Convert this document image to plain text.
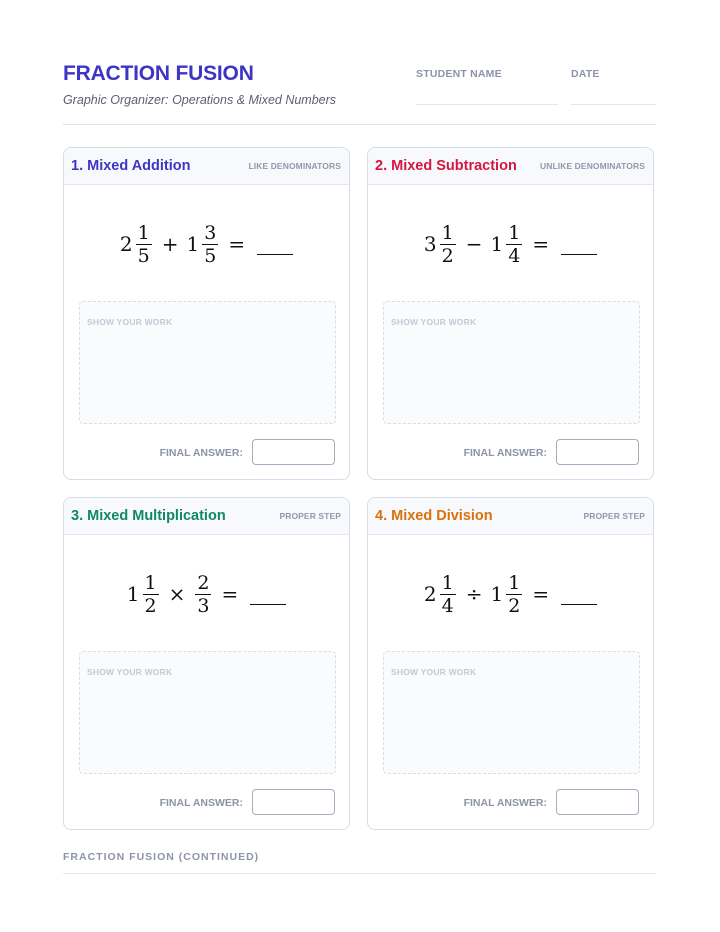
FRACTION FUSION
Graphic Organizer: Operations & Mixed Numbers
STUDENT NAME	DATE
1. Mixed Addition	LIKE DENOMINATORS
$2 \frac{1}{5} + 1 \frac{3}{5}$ =
SHOW YOUR WORK
FINAL ANSWER:
2. Mixed Subtraction	UNLIKE DENOMINATORS
$3 \frac{1}{2} - 1 \frac{1}{4}$ =
SHOW YOUR WORK
FINAL ANSWER:
3. Mixed Multiplication	PROPER STEP
$1 \frac{1}{2} \times \frac{2}{3}$ =
SHOW YOUR WORK
FINAL ANSWER:
4. Mixed Division	PROPER STEP
$2 \frac{1}{4} \div 1 \frac{1}{2}$ =
SHOW YOUR WORK
FINAL ANSWER:
FRACTION FUSION (CONTINUED)
